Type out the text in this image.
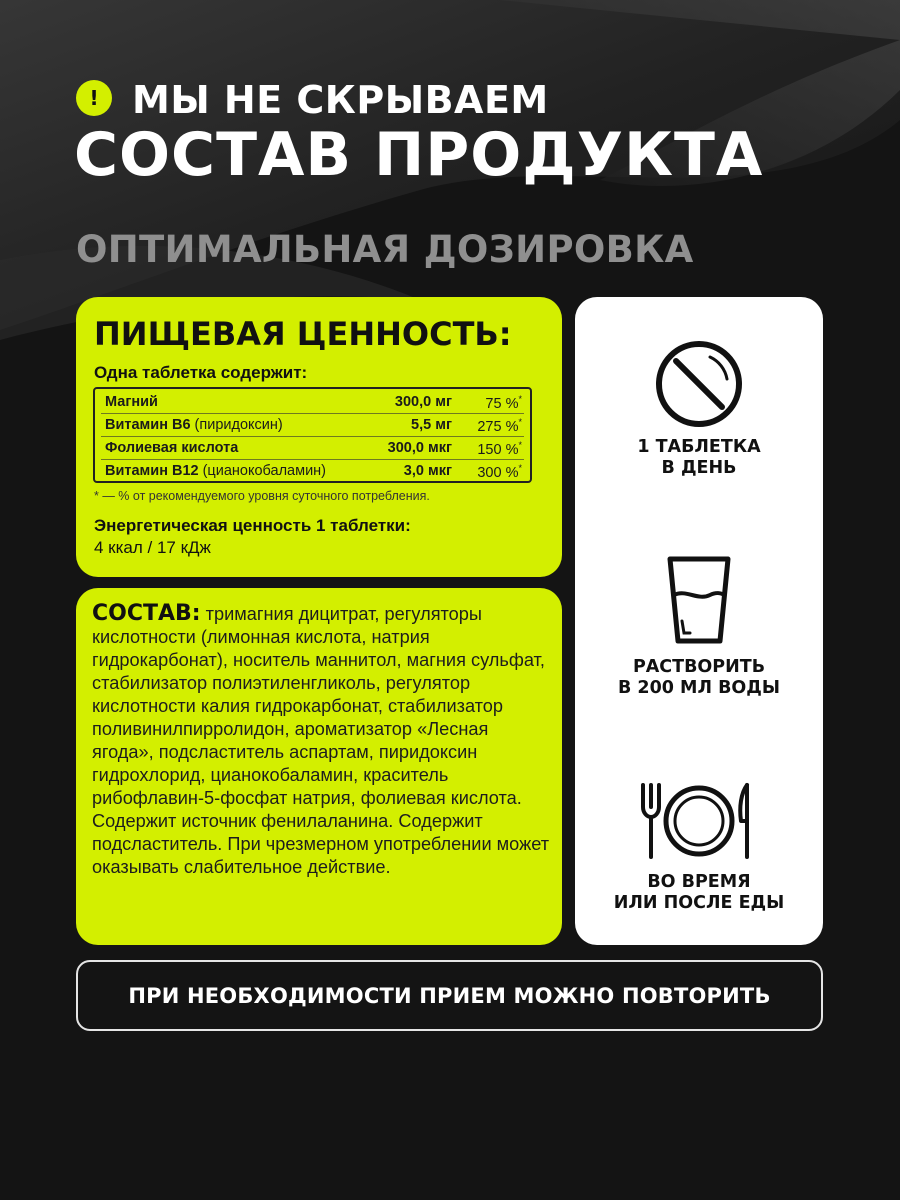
! МЫ НЕ СКРЫВАЕМ
СОСТАВ ПРОДУКТА
ОПТИМАЛЬНАЯ ДОЗИРОВКА
ПИЩЕВАЯ ЦЕННОСТЬ:
Одна таблетка содержит:
Магний	300,0 мг 75 %*
Витамин В6 (пиридоксин)	5,5 мг 275 %*
Фолиевая кислота	300,0 мкг 150 %*
Витамин В12 (цианокобаламин)	3,0 мкг 300 %*
* — % от рекомендуемого уровня суточного потребления.
Энергетическая ценность 1 таблетки:
4 ккал / 17 кДж
СОСТАВ: тримагния дицитрат, регуляторы кислотности (лимонная кислота, натрия гидрокарбонат), носитель маннитол, магния сульфат, стабилизатор полиэтиленгликоль, регулятор кислотности калия гидрокарбонат, стабилизатор поливинилпирролидон, ароматизатор «Лесная ягода», подсластитель аспартам, пиридоксин гидрохлорид, цианокобаламин, краситель рибофлавин-5-фосфат натрия, фолиевая кислота. Содержит источник фенилаланина. Содержит подсластитель. При чрезмерном употреблении может оказывать слабительное действие.
1 ТАБЛЕТКА
В ДЕНЬ
РАСТВОРИТЬ
В 200 МЛ ВОДЫ
ВО ВРЕМЯ
ИЛИ ПОСЛЕ ЕДЫ
ПРИ НЕОБХОДИМОСТИ ПРИЕМ МОЖНО ПОВТОРИТЬ
